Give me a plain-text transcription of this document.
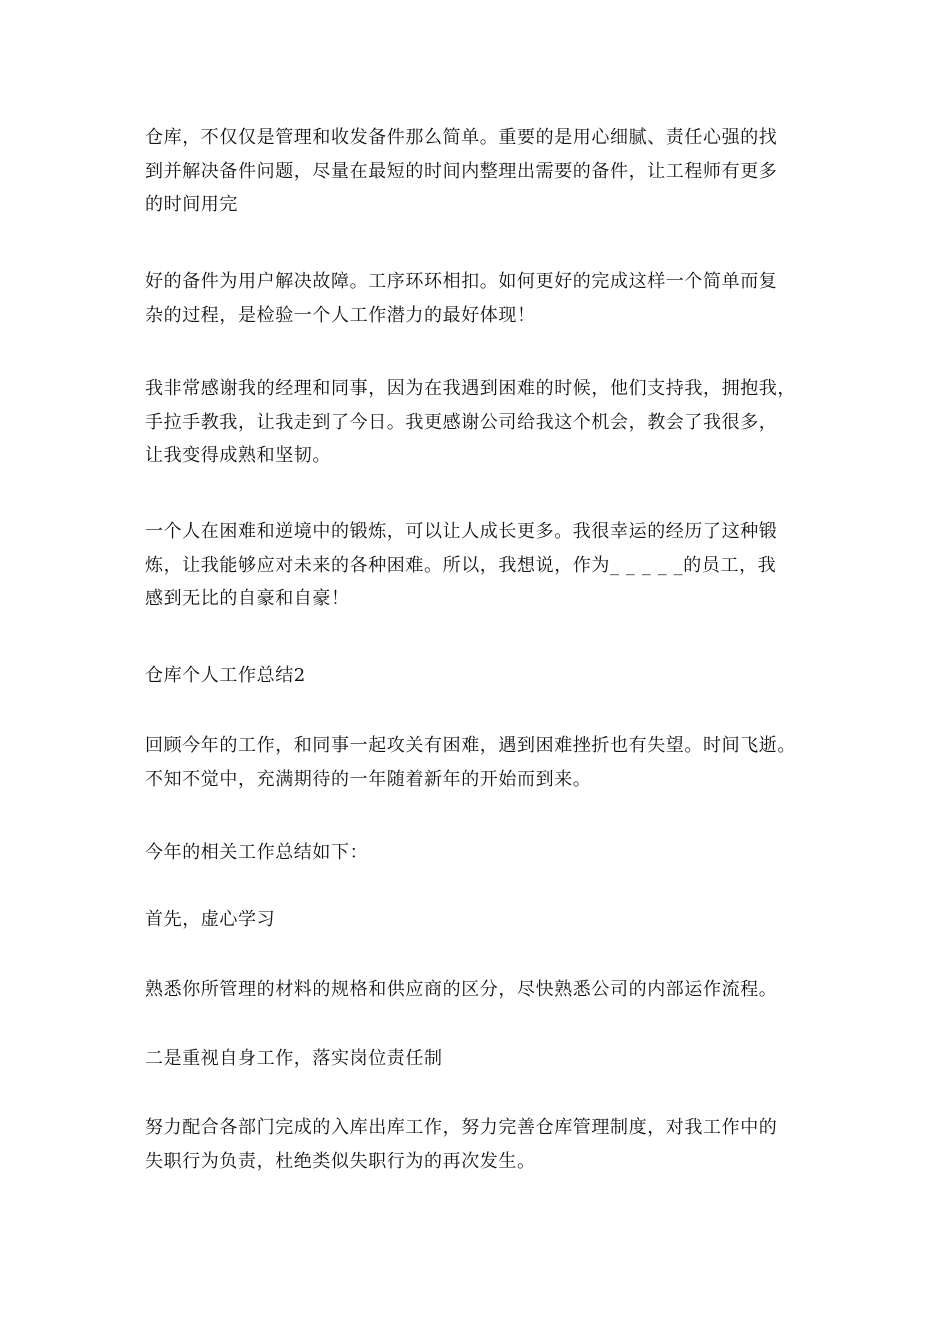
仓库，不仅仅是管理和收发备件那么简单。重要的是用心细腻、责任心强的找
到并解决备件问题，尽量在最短的时间内整理出需要的备件，让工程师有更多
的时间用完

好的备件为用户解决故障。工序环环相扣。如何更好的完成这样一个简单而复
杂的过程，是检验一个人工作潜力的最好体现！

我非常感谢我的经理和同事，因为在我遇到困难的时候，他们支持我，拥抱我，
手拉手教我，让我走到了今日。我更感谢公司给我这个机会，教会了我很多，
让我变得成熟和坚韧。

一个人在困难和逆境中的锻炼，可以让人成长更多。我很幸运的经历了这种锻
炼，让我能够应对未来的各种困难。所以，我想说，作为_ _ _ _ _的员工，我
感到无比的自豪和自豪！

仓库个人工作总结2

回顾今年的工作，和同事一起攻关有困难，遇到困难挫折也有失望。时间飞逝。
不知不觉中，充满期待的一年随着新年的开始而到来。

今年的相关工作总结如下：

首先，虚心学习

熟悉你所管理的材料的规格和供应商的区分，尽快熟悉公司的内部运作流程。

二是重视自身工作，落实岗位责任制

努力配合各部门完成的入库出库工作，努力完善仓库管理制度，对我工作中的
失职行为负责，杜绝类似失职行为的再次发生。
